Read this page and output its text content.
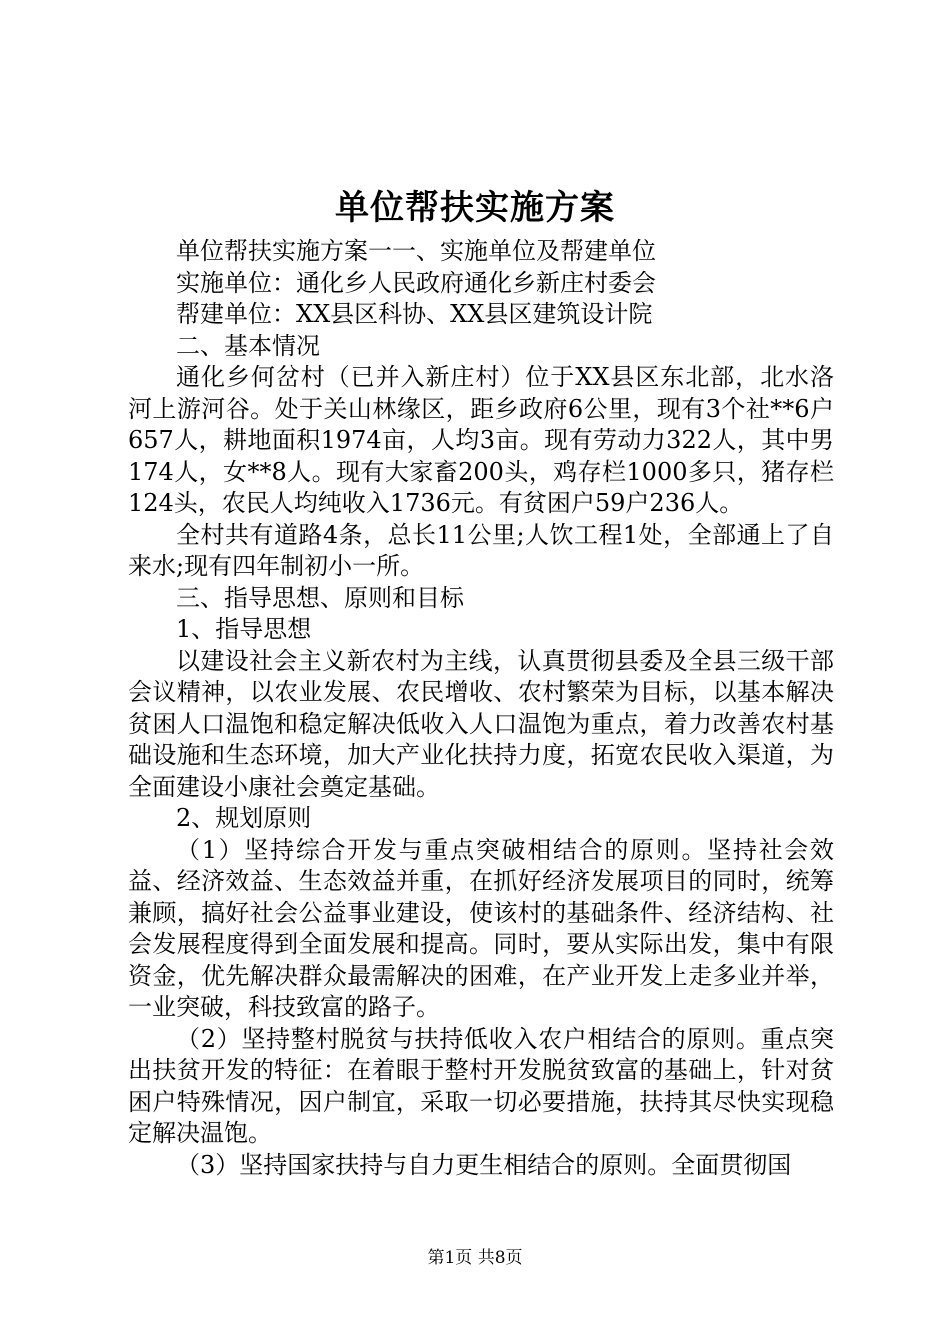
单位帮扶实施方案

单位帮扶实施方案一一、实施单位及帮建单位

实施单位：通化乡人民政府通化乡新庄村委会

帮建单位：XX县区科协、XX县区建筑设计院

二、基本情况

通化乡何岔村（已并入新庄村）位于XX县区东北部，北水洛河上游河谷。处于关山林缘区，距乡政府6公里，现有3个社**6户657人，耕地面积1974亩，人均3亩。现有劳动力322人，其中男174人，女**8人。现有大家畜200头，鸡存栏1000多只，猪存栏124头，农民人均纯收入1736元。有贫困户59户236人。

全村共有道路4条，总长11公里;人饮工程1处，全部通上了自来水;现有四年制初小一所。

三、指导思想、原则和目标

1、指导思想

以建设社会主义新农村为主线，认真贯彻县委及全县三级干部会议精神，以农业发展、农民增收、农村繁荣为目标，以基本解决贫困人口温饱和稳定解决低收入人口温饱为重点，着力改善农村基础设施和生态环境，加大产业化扶持力度，拓宽农民收入渠道，为全面建设小康社会奠定基础。

2、规划原则

（1）坚持综合开发与重点突破相结合的原则。坚持社会效益、经济效益、生态效益并重，在抓好经济发展项目的同时，统筹兼顾，搞好社会公益事业建设，使该村的基础条件、经济结构、社会发展程度得到全面发展和提高。同时，要从实际出发，集中有限资金，优先解决群众最需解决的困难，在产业开发上走多业并举，一业突破，科技致富的路子。

（2）坚持整村脱贫与扶持低收入农户相结合的原则。重点突出扶贫开发的特征：在着眼于整村开发脱贫致富的基础上，针对贫困户特殊情况，因户制宜，采取一切必要措施，扶持其尽快实现稳定解决温饱。

（3）坚持国家扶持与自力更生相结合的原则。全面贯彻国

第1页 共8页
